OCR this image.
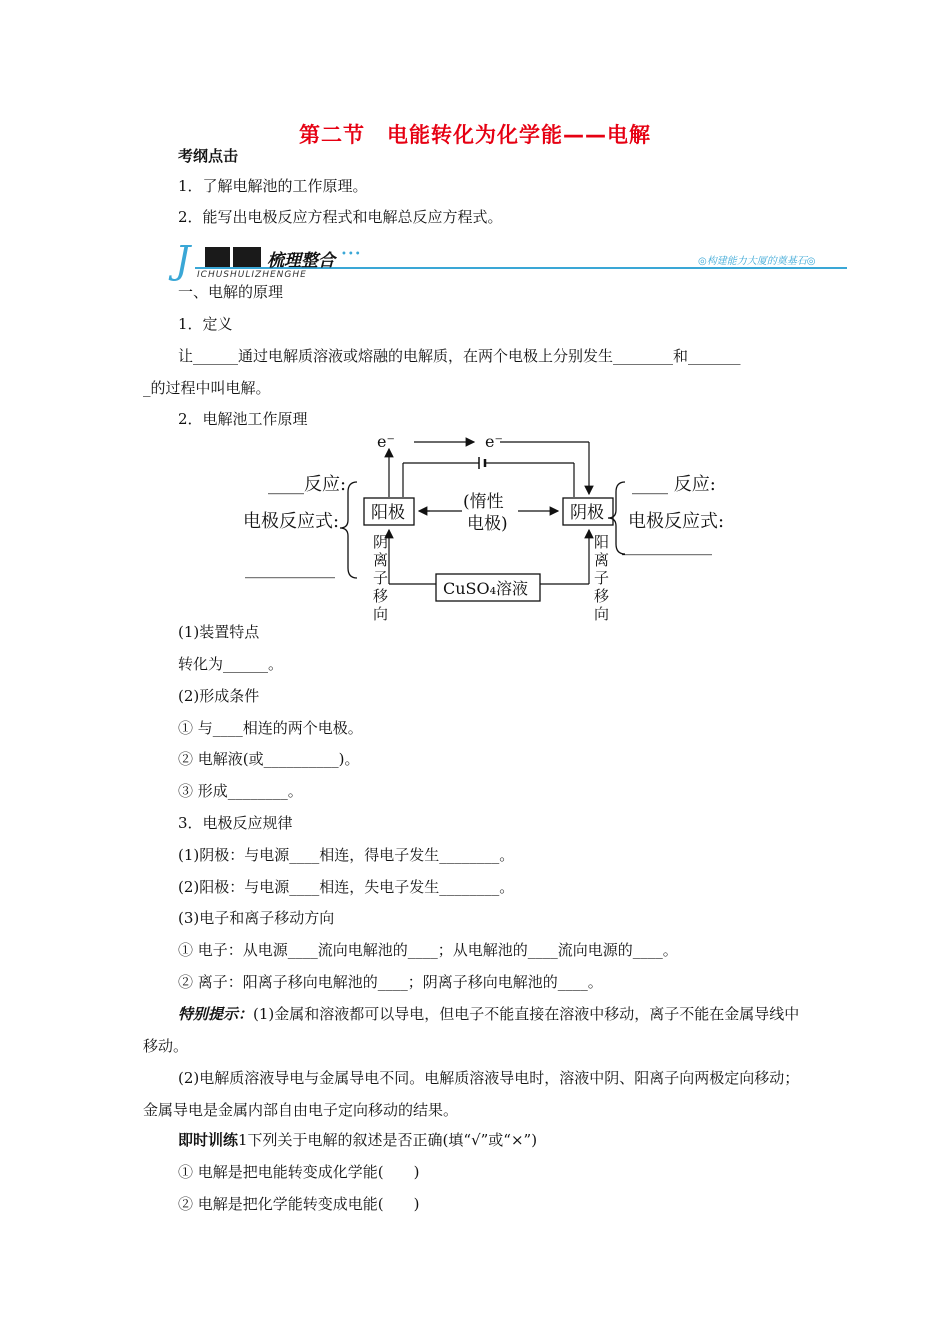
第二节　电能转化为化学能——电解
考纲点击
1．了解电解池的工作原理。
2．能写出电极反应方程式和电解总反应方程式。
J ICHUSHULIZHENGHE
梳理整合 •••
◎构建能力大厦的奠基石◎
一、电解的原理
1．定义
让______通过电解质溶液或熔融的电解质，在两个电极上分别发生________和_______
_的过程中叫电解。
2．电解池工作原理
e⁻	e⁻
阳极	阴极
(惰性
电极)
CuSO₄溶液
阴
离
子
移
向
阳
离
子
移
向
____反应:
电极反应式:
__________
____ 反应:
电极反应式:
__________
(1)装置特点
转化为______。
(2)形成条件
① 与____相连的两个电极。
② 电解液(或__________)。
③ 形成________。
3．电极反应规律
(1)阴极：与电源____相连，得电子发生________。
(2)阳极：与电源____相连，失电子发生________。
(3)电子和离子移动方向
① 电子：从电源____流向电解池的____；从电解池的____流向电源的____。
② 离子：阳离子移向电解池的____；阴离子移向电解池的____。
特别提示：(1)金属和溶液都可以导电，但电子不能直接在溶液中移动，离子不能在金属导线中移动。
(2)电解质溶液导电与金属导电不同。电解质溶液导电时，溶液中阴、阳离子向两极定向移动；金属导电是金属内部自由电子定向移动的结果。
即时训练1下列关于电解的叙述是否正确(填“√”或“×”)
① 电解是把电能转变成化学能(　　)
② 电解是把化学能转变成电能(　　)
